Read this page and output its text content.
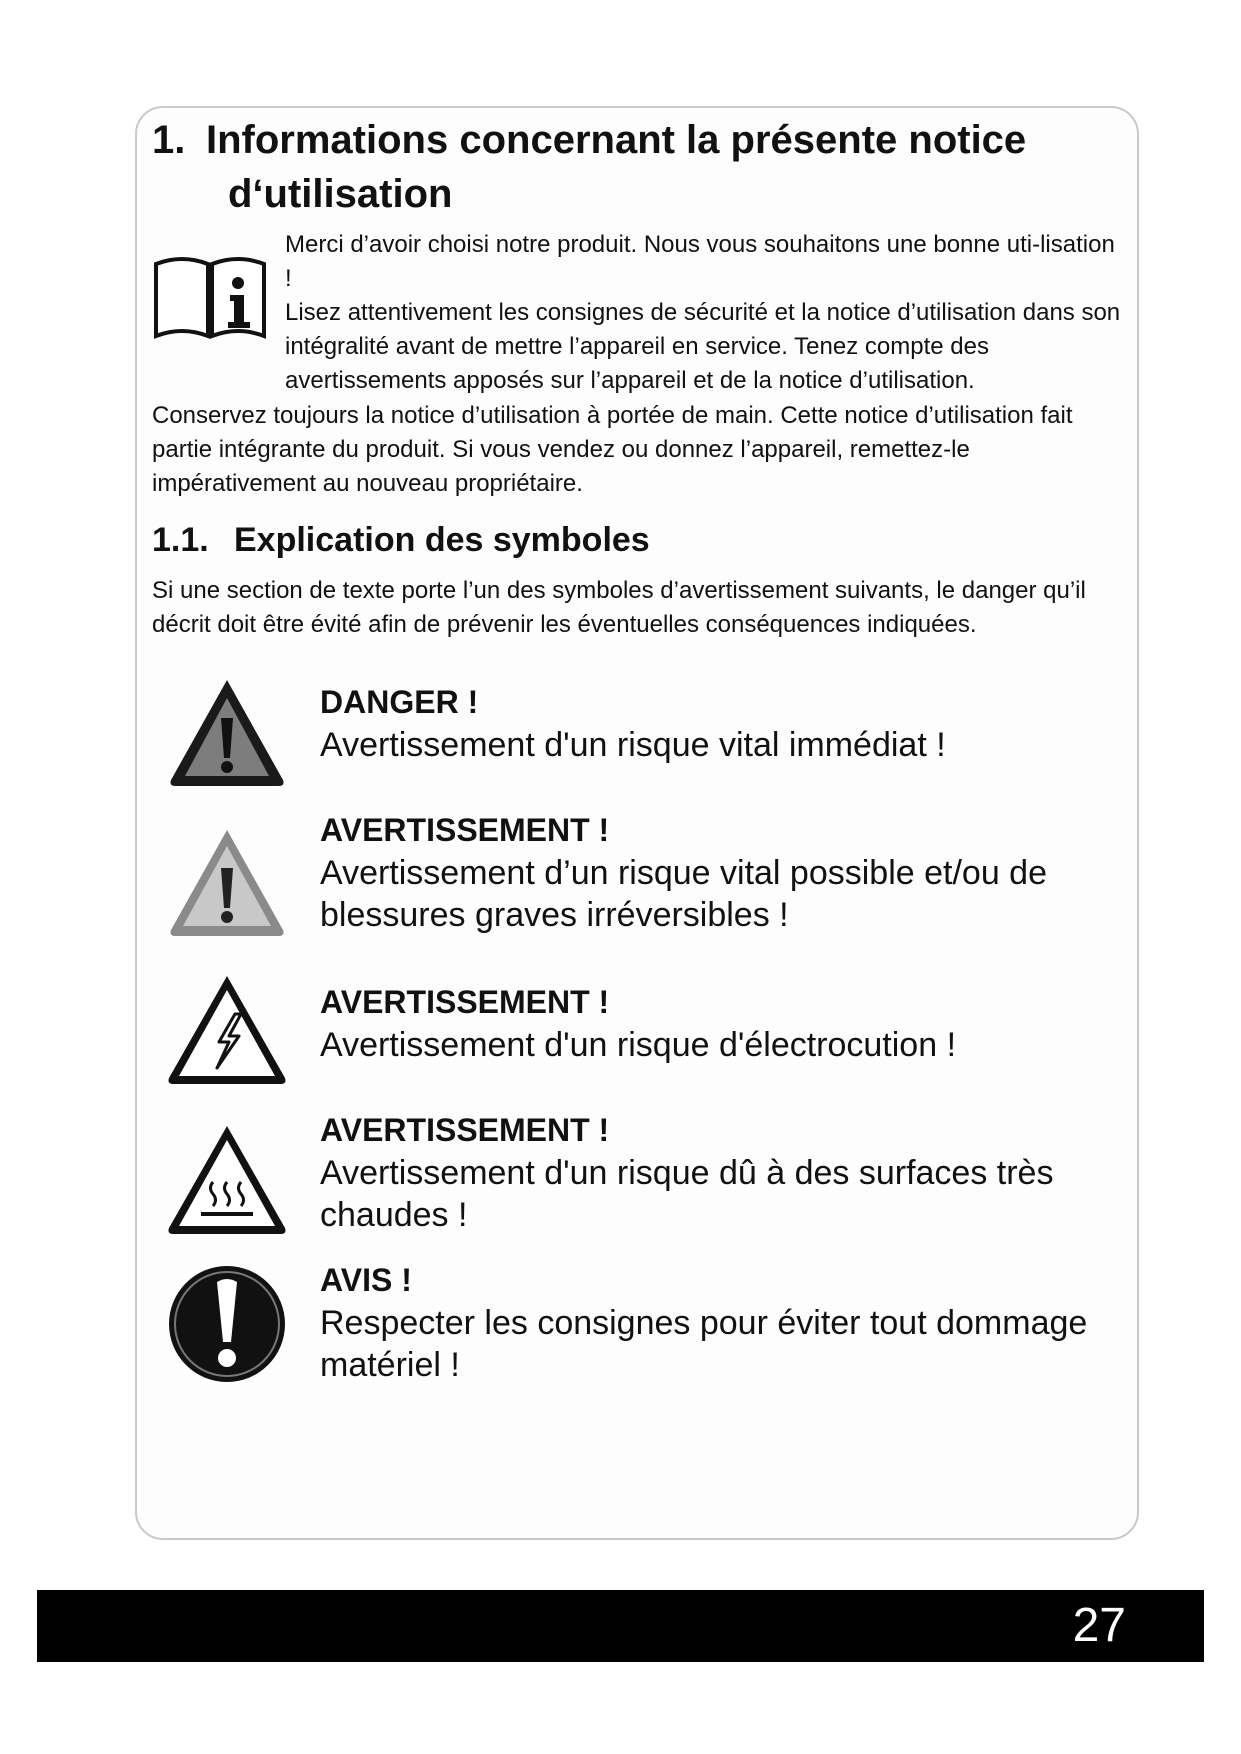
1. Informations concernant la présente notice
d‘utilisation

Merci d’avoir choisi notre produit. Nous vous souhaitons une bonne uti-lisation !

Lisez attentivement les consignes de sécurité et la notice d’utilisation dans son intégralité avant de mettre l’appareil en service. Tenez compte des avertissements apposés sur l’appareil et de la notice d’utilisation.

Conservez toujours la notice d’utilisation à portée de main. Cette notice d’utilisation fait partie intégrante du produit. Si vous vendez ou donnez l’appareil, remettez-le impérativement au nouveau propriétaire.

1.1. Explication des symboles

Si une section de texte porte l’un des symboles d’avertissement suivants, le danger qu’il décrit doit être évité afin de prévenir les éventuelles conséquences indiquées.

DANGER !

Avertissement d'un risque vital immédiat !

AVERTISSEMENT !

Avertissement d’un risque vital possible et/ou de blessures graves irréversibles !

AVERTISSEMENT !

Avertissement d'un risque d'électrocution !

AVERTISSEMENT !

Avertissement d'un risque dû à des surfaces très chaudes !

AVIS !

Respecter les consignes pour éviter tout dommage matériel !

27
